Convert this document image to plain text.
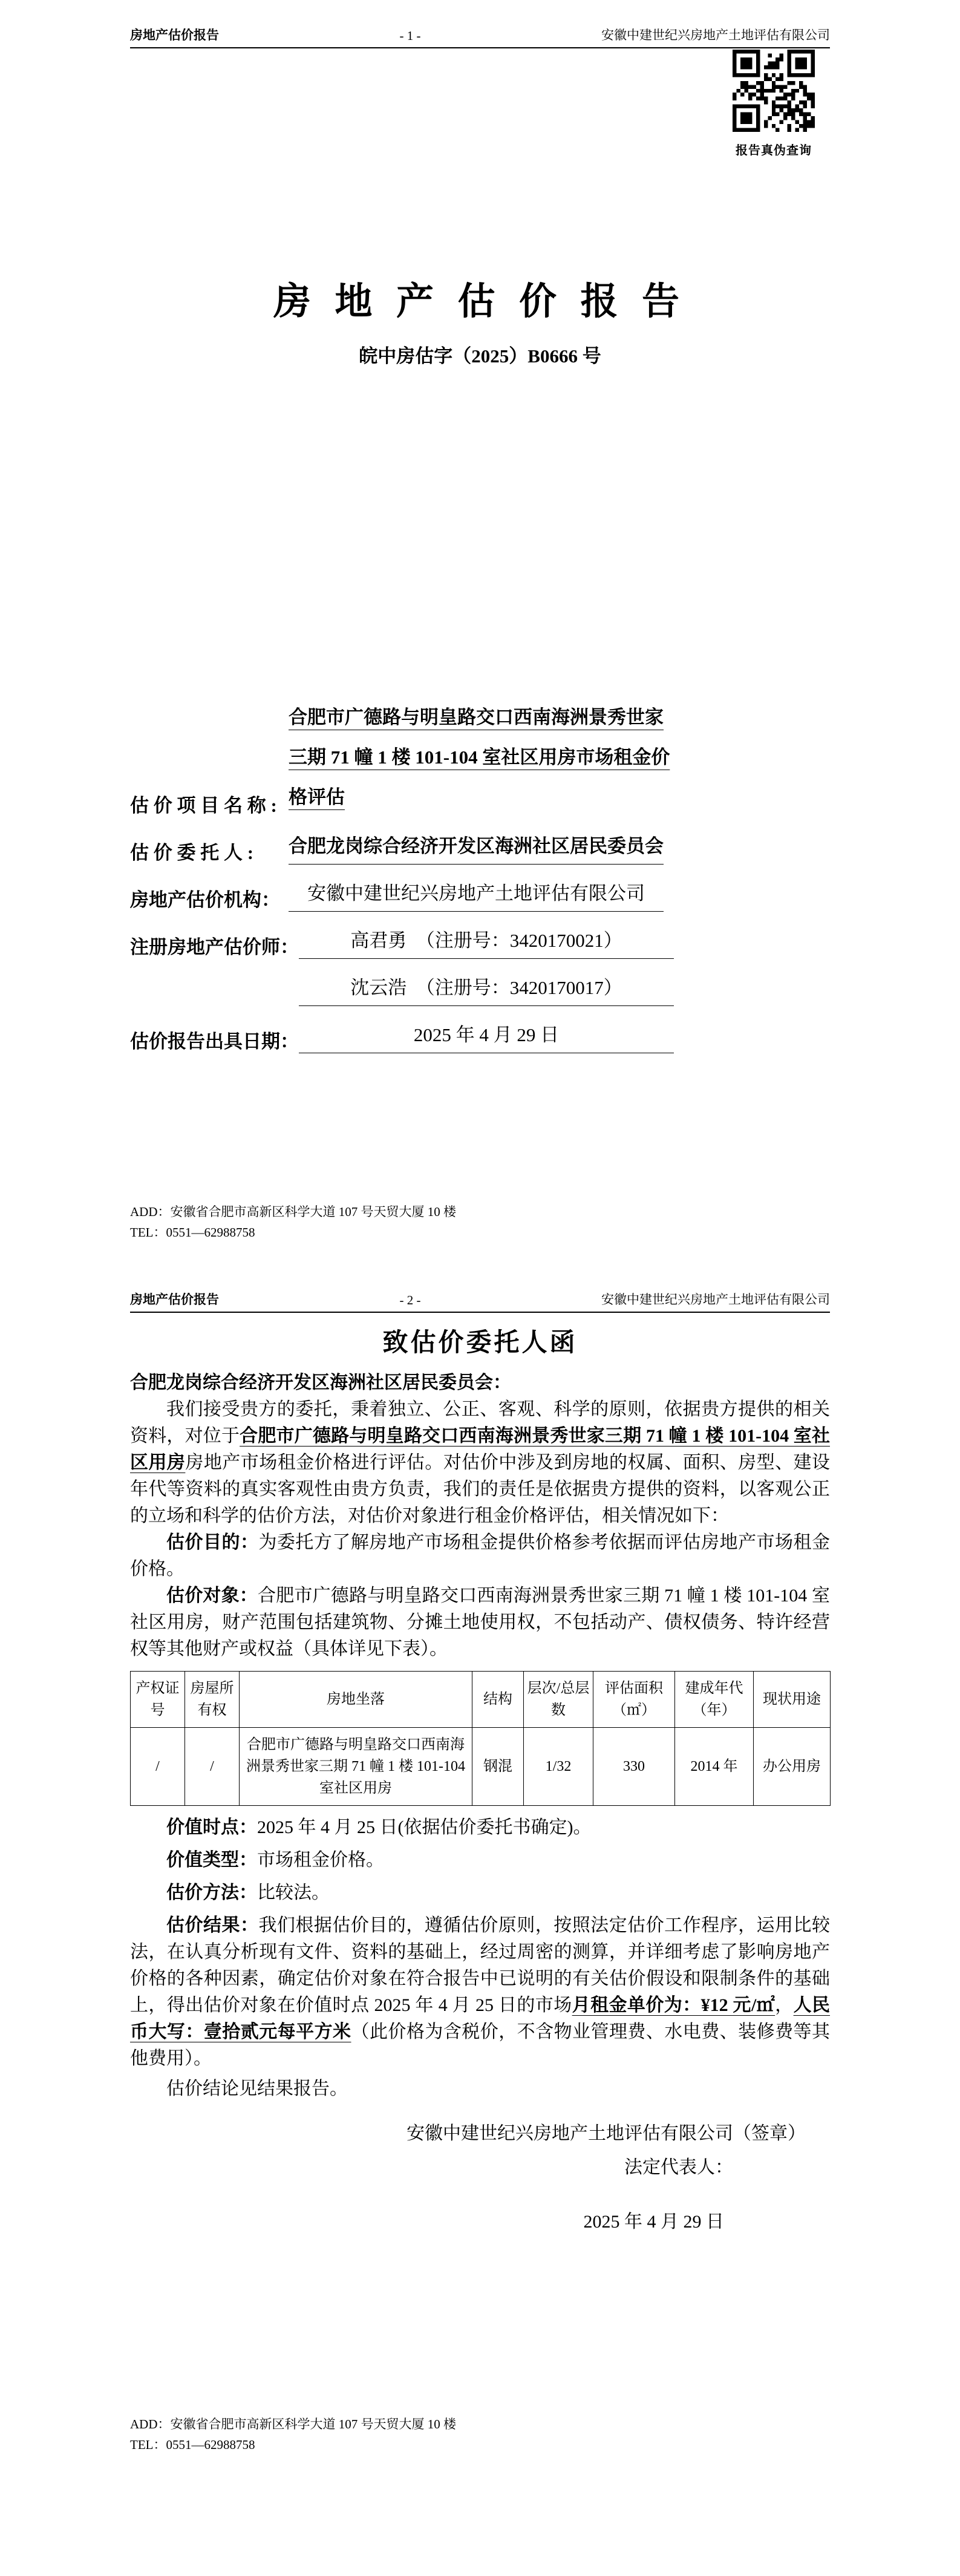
房地产估价报告	- 1 -	安徽中建世纪兴房地产土地评估有限公司
报告真伪查询
房 地 产 估 价 报 告
皖中房估字（2025）B0666 号
估 价 项 目 名 称 :
合肥市广德路与明皇路交口西南海洲景秀世家三期 71 幢 1 楼 101-104 室社区用房市场租金价格评估
估 价 委 托 人 :	合肥龙岗综合经济开发区海洲社区居民委员会
房地产估价机构：	安徽中建世纪兴房地产土地评估有限公司
注册房地产估价师：	高君勇　（注册号：3420170021）
沈云浩　（注册号：3420170017）
估价报告出具日期：	2025 年 4 月 29 日
ADD：安徽省合肥市高新区科学大道 107 号天贸大厦 10 楼
TEL：0551—62988758
房地产估价报告	- 2 -	安徽中建世纪兴房地产土地评估有限公司
致估价委托人函
合肥龙岗综合经济开发区海洲社区居民委员会：

我们接受贵方的委托，秉着独立、公正、客观、科学的原则，依据贵方提供的相关资料，对位于合肥市广德路与明皇路交口西南海洲景秀世家三期 71 幢 1 楼 101-104 室社区用房房地产市场租金价格进行评估。对估价中涉及到房地的权属、面积、房型、建设年代等资料的真实客观性由贵方负责，我们的责任是依据贵方提供的资料，以客观公正的立场和科学的估价方法，对估价对象进行租金价格评估，相关情况如下：

估价目的：为委托方了解房地产市场租金提供价格参考依据而评估房地产市场租金价格。

估价对象：合肥市广德路与明皇路交口西南海洲景秀世家三期 71 幢 1 楼 101-104 室社区用房，财产范围包括建筑物、分摊土地使用权，不包括动产、债权债务、特许经营权等其他财产或权益（具体详见下表）。

产权证号	房屋所有权	房地坐落	结构	层次/总层数	评估面积（㎡）	建成年代（年）	现状用途
/	/	合肥市广德路与明皇路交口西南海洲景秀世家三期 71 幢 1 楼 101-104 室社区用房	钢混	1/32	330	2014 年	办公用房
价值时点：2025 年 4 月 25 日(依据估价委托书确定)。
价值类型：市场租金价格。
估价方法：比较法。

估价结果：我们根据估价目的，遵循估价原则，按照法定估价工作程序，运用比较法，在认真分析现有文件、资料的基础上，经过周密的测算，并详细考虑了影响房地产价格的各种因素，确定估价对象在符合报告中已说明的有关估价假设和限制条件的基础上，得出估价对象在价值时点 2025 年 4 月 25 日的市场月租金单价为：¥12 元/㎡，人民币大写：壹拾贰元每平方米（此价格为含税价，不含物业管理费、水电费、装修费等其他费用）。

估价结论见结果报告。

安徽中建世纪兴房地产土地评估有限公司（签章）
法定代表人：
2025 年 4 月 29 日
ADD：安徽省合肥市高新区科学大道 107 号天贸大厦 10 楼
TEL：0551—62988758
